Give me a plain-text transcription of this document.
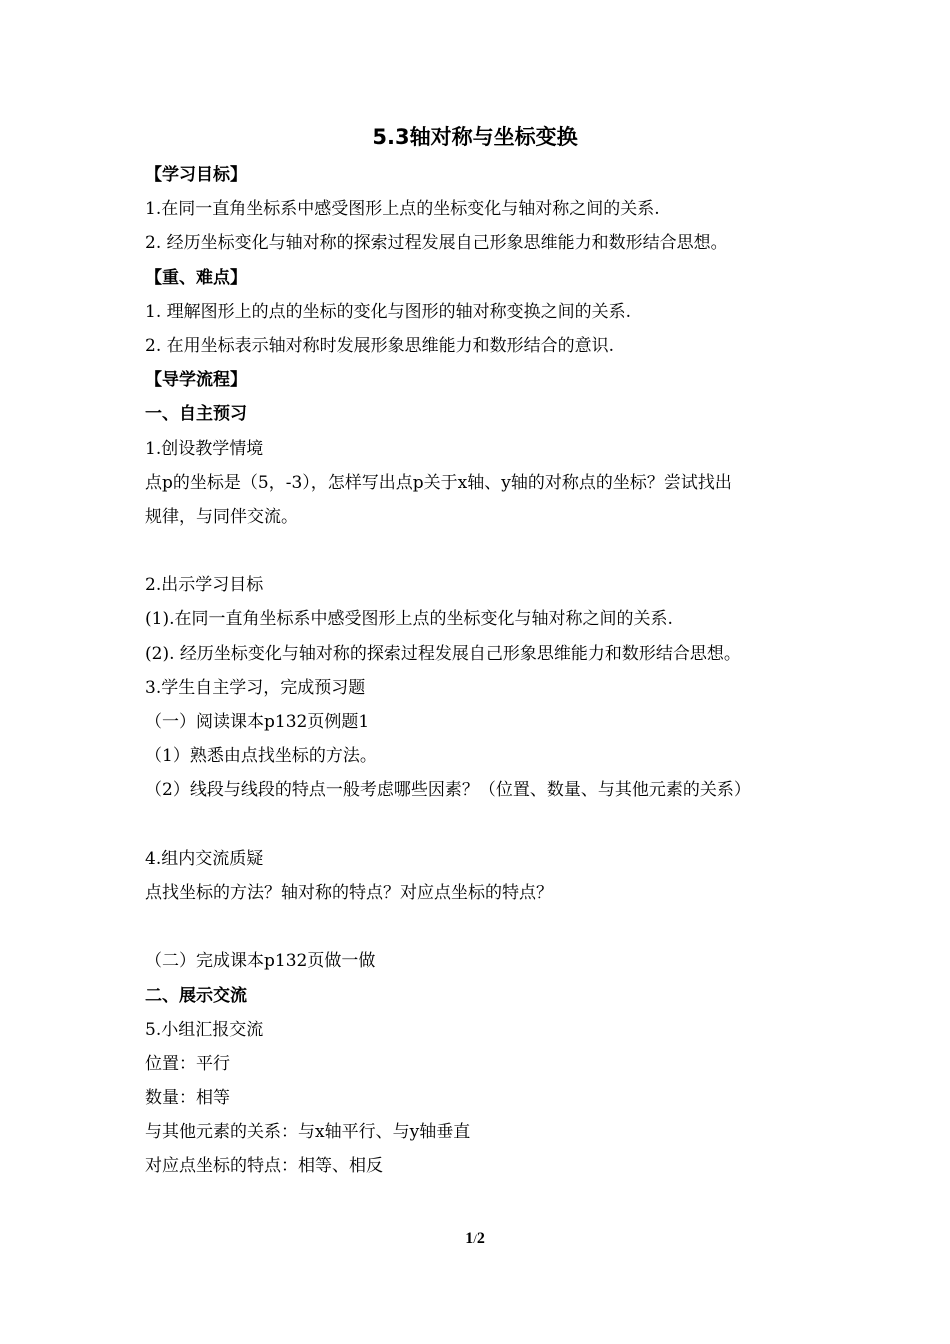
5.3轴对称与坐标变换
【学习目标】
1.在同一直角坐标系中感受图形上点的坐标变化与轴对称之间的关系.
2. 经历坐标变化与轴对称的探索过程发展自己形象思维能力和数形结合思想。
【重、难点】
1. 理解图形上的点的坐标的变化与图形的轴对称变换之间的关系.
2. 在用坐标表示轴对称时发展形象思维能力和数形结合的意识.
【导学流程】
一、自主预习
1.创设教学情境
点p的坐标是（5，-3），怎样写出点p关于x轴、y轴的对称点的坐标？尝试找出
规律，与同伴交流。
2.出示学习目标
(1).在同一直角坐标系中感受图形上点的坐标变化与轴对称之间的关系.
(2). 经历坐标变化与轴对称的探索过程发展自己形象思维能力和数形结合思想。
3.学生自主学习，完成预习题
（一）阅读课本p132页例题1
（1）熟悉由点找坐标的方法。
（2）线段与线段的特点一般考虑哪些因素？（位置、数量、与其他元素的关系）
4.组内交流质疑
点找坐标的方法？轴对称的特点？对应点坐标的特点？
（二）完成课本p132页做一做
二、展示交流
5.小组汇报交流
位置：平行
数量：相等
与其他元素的关系：与x轴平行、与y轴垂直
对应点坐标的特点：相等、相反
1/2
